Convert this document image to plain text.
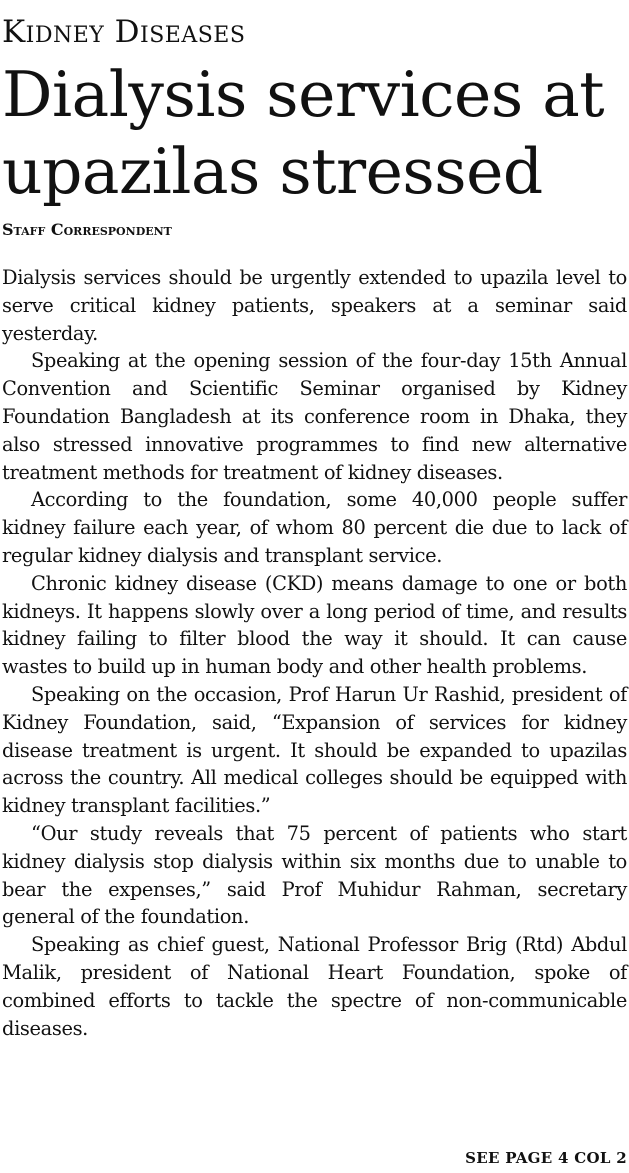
Kidney Diseases
Dialysis services at upazilas stressed
Staff Correspondent

Dialysis services should be urgently extended to upazila level to serve critical kidney patients, speakers at a seminar said yesterday.

Speaking at the opening session of the four-day 15th Annual Convention and Scientific Seminar organised by Kidney Foundation Bangladesh at its conference room in Dhaka, they also stressed innovative programmes to find new alternative treatment methods for treatment of kidney diseases.

According to the foundation, some 40,000 people suffer kidney failure each year, of whom 80 percent die due to lack of regular kidney dialysis and transplant service.

Chronic kidney disease (CKD) means damage to one or both kidneys. It happens slowly over a long period of time, and results kidney failing to filter blood the way it should. It can cause wastes to build up in human body and other health problems.

Speaking on the occasion, Prof Harun Ur Rashid, president of Kidney Foundation, said, “Expansion of services for kidney disease treatment is urgent. It should be expanded to upazilas across the country. All medical colleges should be equipped with kidney transplant facilities.”

“Our study reveals that 75 percent of patients who start kidney dialysis stop dialysis within six months due to unable to bear the expenses,” said Prof Muhidur Rahman, secretary general of the foundation.

Speaking as chief guest, National Professor Brig (Rtd) Abdul Malik, president of National Heart Foundation, spoke of combined efforts to tackle the spectre of non-communicable diseases.

SEE PAGE 4 COL 2
